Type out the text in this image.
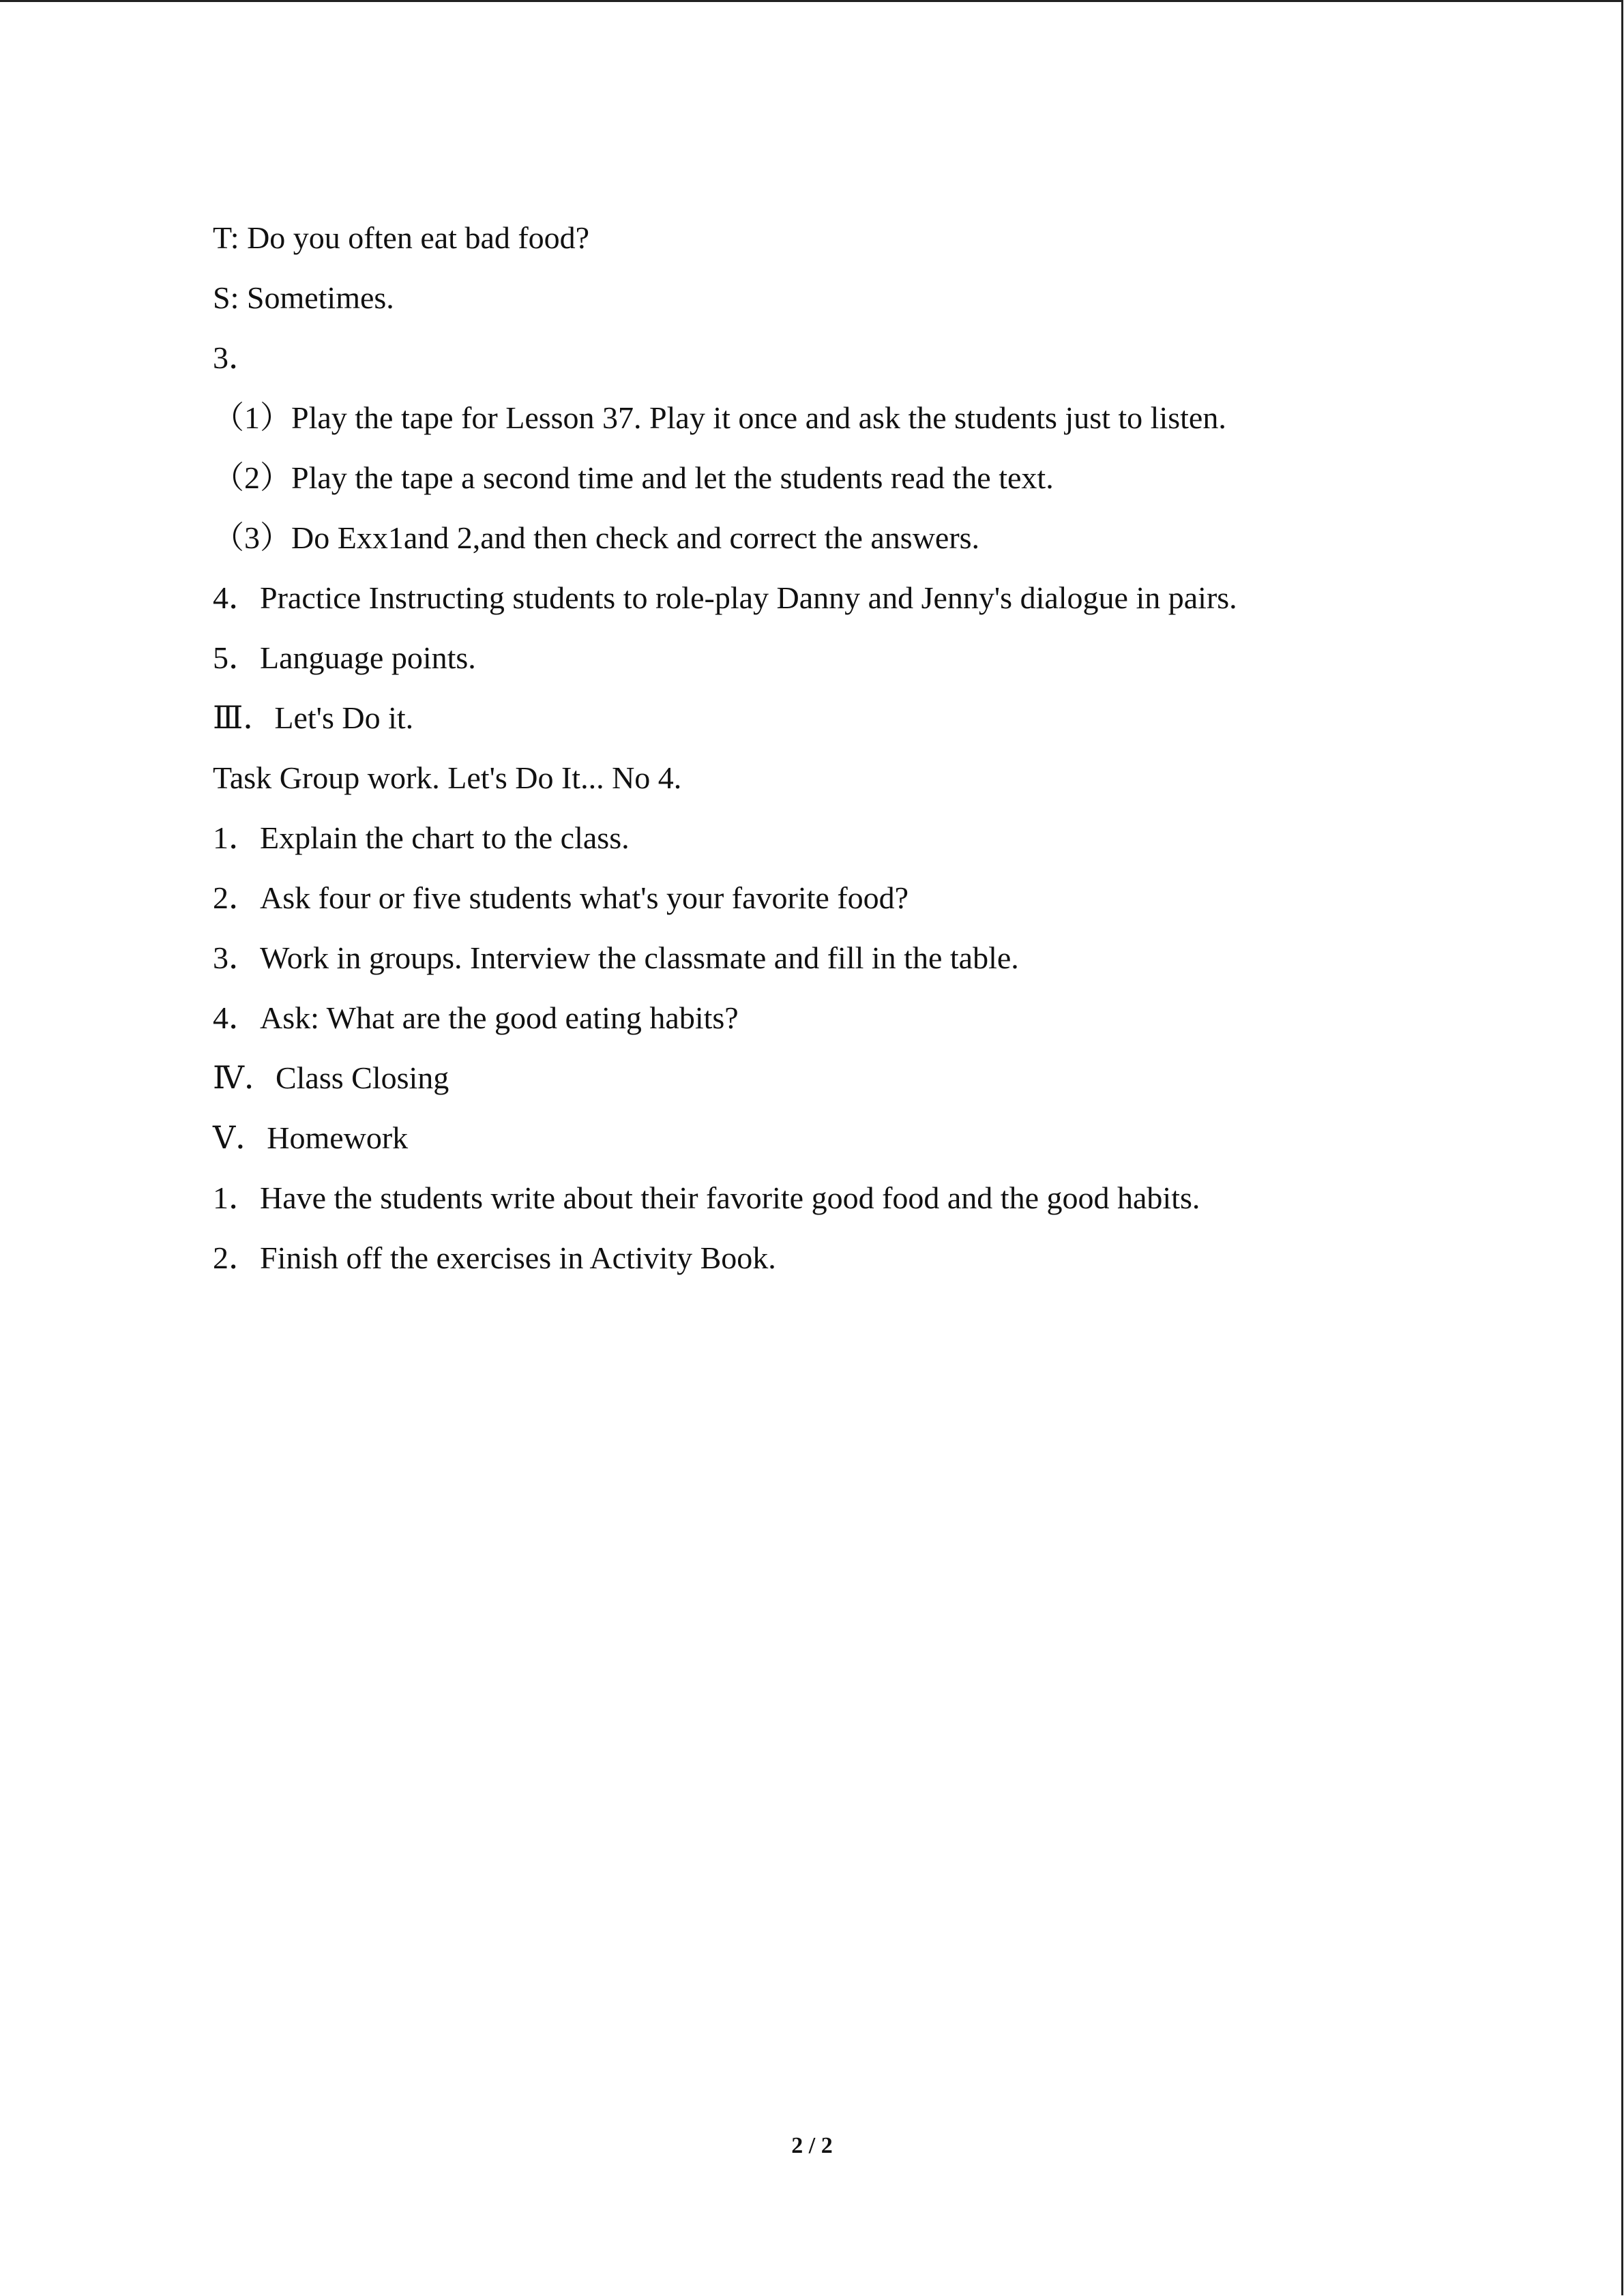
T: Do you often eat bad food?
S: Sometimes.
3．
（1）Play the tape for Lesson 37. Play it once and ask the students just to listen.
（2）Play the tape a second time and let the students read the text.
（3）Do Exx1and 2,and then check and correct the answers.
4．Practice Instructing students to role-play Danny and Jenny's dialogue in pairs.
5．Language points.
Ⅲ．Let's Do it.
Task Group work. Let's Do It... No 4.
1．Explain the chart to the class.
2．Ask four or five students what's your favorite food?
3．Work in groups. Interview the classmate and fill in the table.
4．Ask: What are the good eating habits?
Ⅳ．Class Closing
Ⅴ．Homework
1．Have the students write about their favorite good food and the good habits.
2．Finish off the exercises in Activity Book.
2 / 2
